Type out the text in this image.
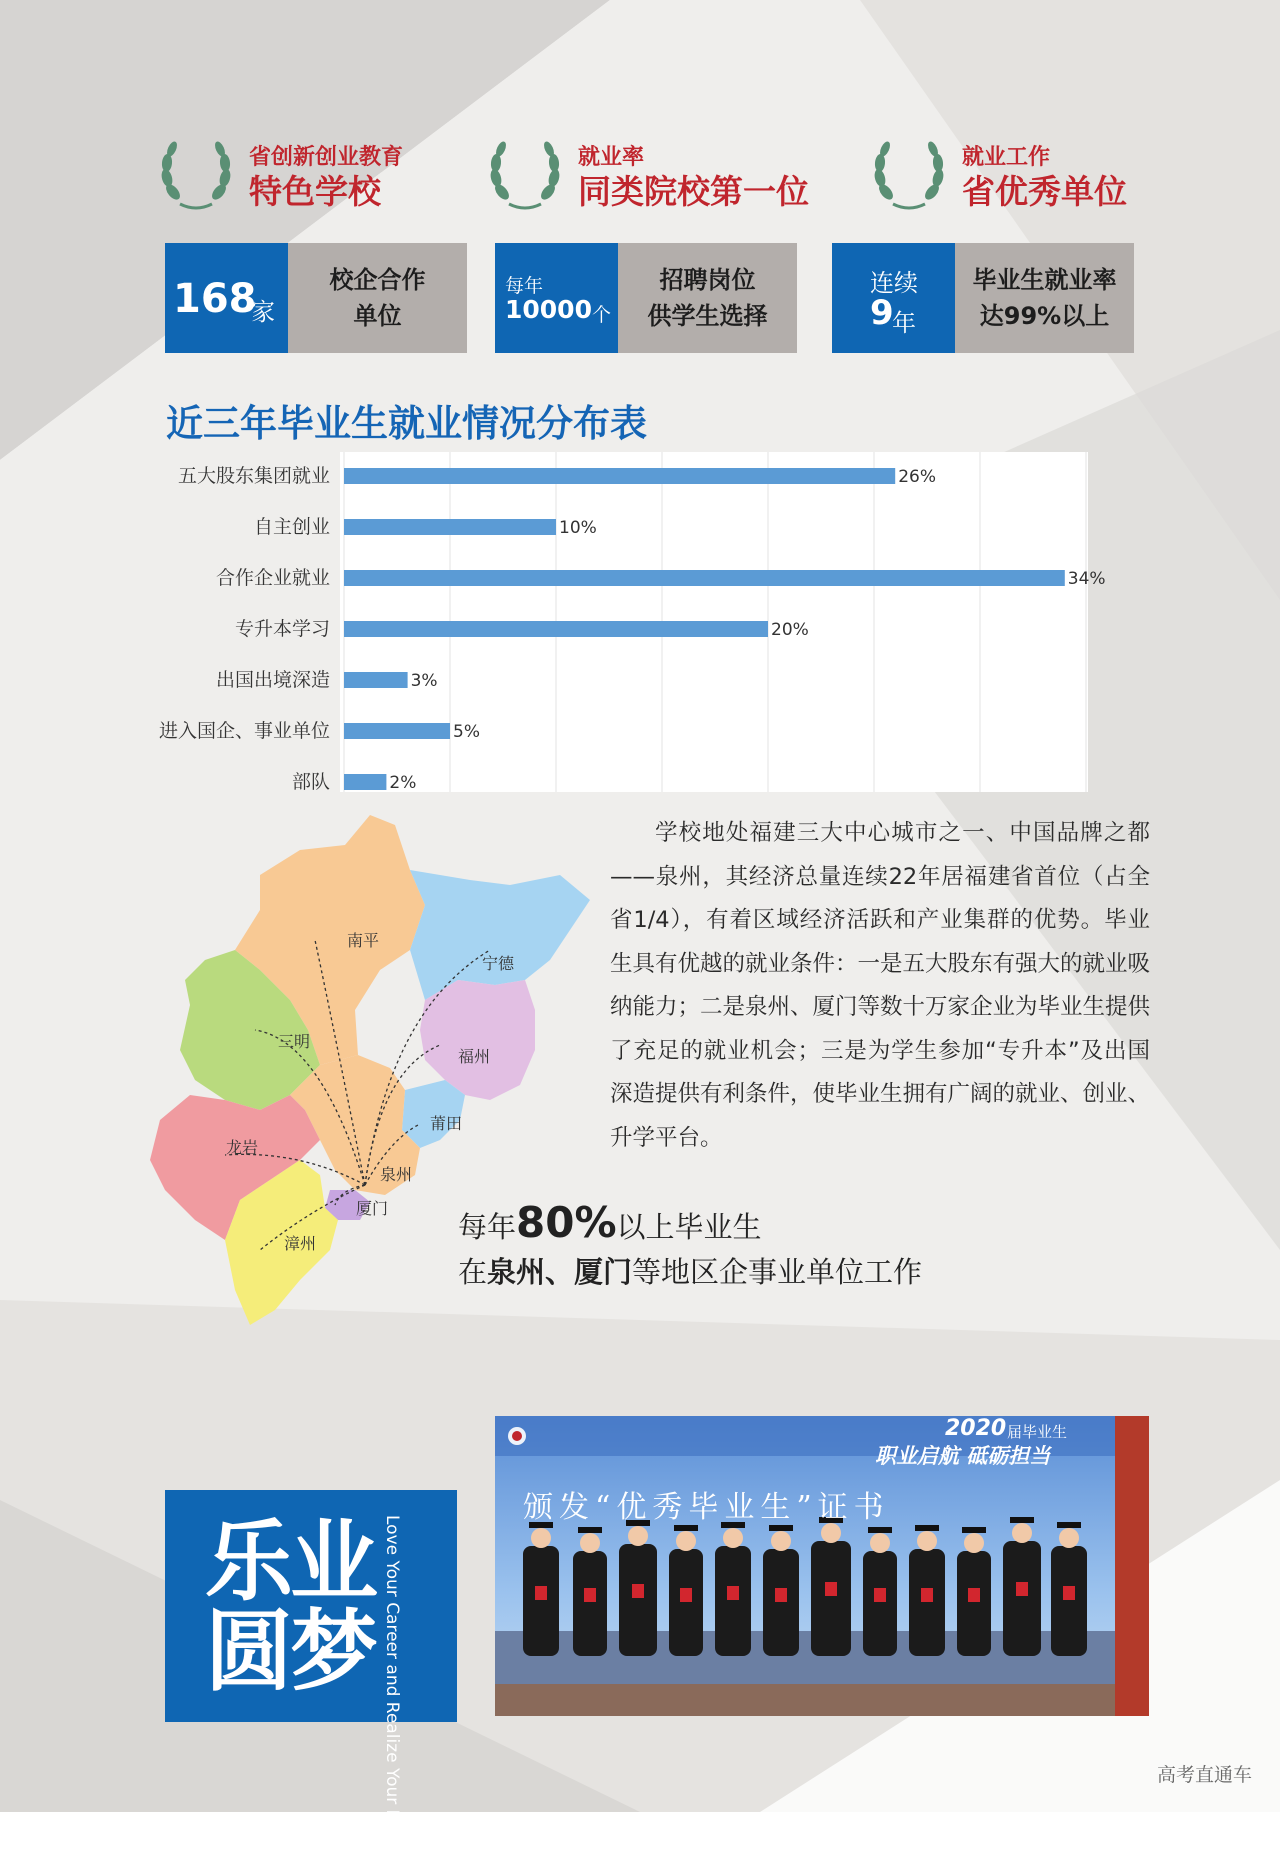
省创新创业教育
特色学校
就业率
同类院校第一位
就业工作
省优秀单位
168
家
校企合作
单位
每年
10000 个
招聘岗位
供学生选择
连续
9
年
毕业生就业率
达99%以上
近三年毕业生就业情况分布表
五大股东集团就业	26%
自主创业	10%
合作企业就业	34%
专升本学习	20%
出国出境深造	3%
进入国企、事业单位	5%
部队	2%
南平
宁德
三明
福州
莆田
龙岩
泉州
厦门
漳州

学校地处福建三大中心城市之一、中国品牌之都——泉州，其经济总量连续22年居福建省首位（占全省1/4），有着区域经济活跃和产业集群的优势。毕业生具有优越的就业条件：一是五大股东有强大的就业吸纳能力；二是泉州、厦门等数十万家企业为毕业生提供了充足的就业机会；三是为学生参加“专升本”及出国深造提供有利条件，使毕业生拥有广阔的就业、创业、升学平台。

每年80%以上毕业生
在泉州、厦门等地区企事业单位工作
乐
业
圆
梦 Love Your Career and Realize Your Dreams
2020 届毕业生
职业启航 砥砺担当
颁发“优秀毕业生”证书
高考直通车
